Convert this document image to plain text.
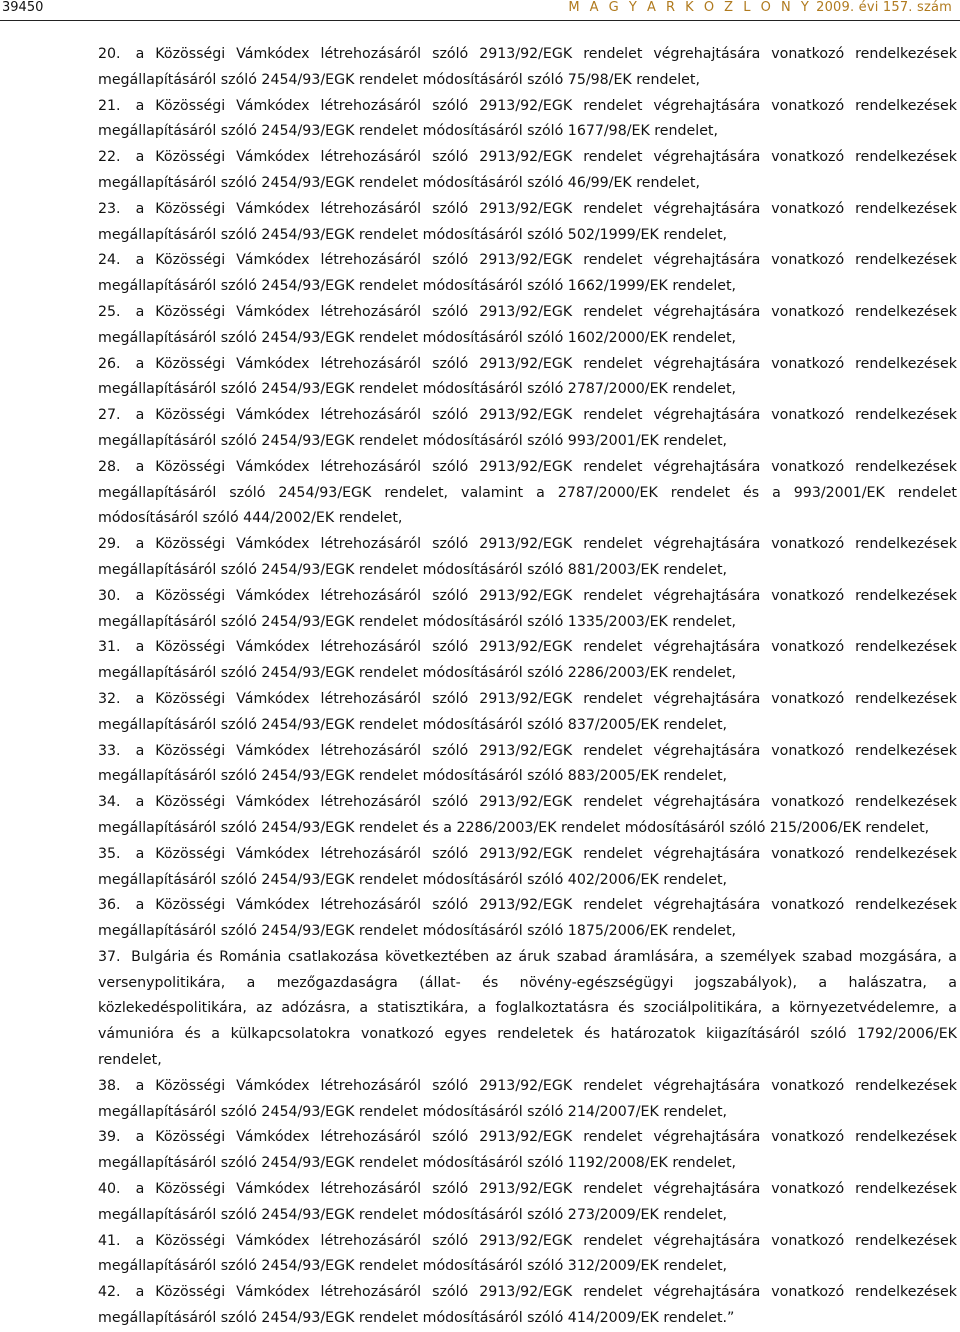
39450	M A G Y A R K Ö Z L Ö N Y 2009. évi 157. szám

20. a Közösségi Vámkódex létrehozásáról szóló 2913/92/EGK rendelet végrehajtására vonatkozó rendelkezések megállapításáról szóló 2454/93/EGK rendelet módosításáról szóló 75/98/EK rendelet,

21. a Közösségi Vámkódex létrehozásáról szóló 2913/92/EGK rendelet végrehajtására vonatkozó rendelkezések megállapításáról szóló 2454/93/EGK rendelet módosításáról szóló 1677/98/EK rendelet,

22. a Közösségi Vámkódex létrehozásáról szóló 2913/92/EGK rendelet végrehajtására vonatkozó rendelkezések megállapításáról szóló 2454/93/EGK rendelet módosításáról szóló 46/99/EK rendelet,

23. a Közösségi Vámkódex létrehozásáról szóló 2913/92/EGK rendelet végrehajtására vonatkozó rendelkezések megállapításáról szóló 2454/93/EGK rendelet módosításáról szóló 502/1999/EK rendelet,

24. a Közösségi Vámkódex létrehozásáról szóló 2913/92/EGK rendelet végrehajtására vonatkozó rendelkezések megállapításáról szóló 2454/93/EGK rendelet módosításáról szóló 1662/1999/EK rendelet,

25. a Közösségi Vámkódex létrehozásáról szóló 2913/92/EGK rendelet végrehajtására vonatkozó rendelkezések megállapításáról szóló 2454/93/EGK rendelet módosításáról szóló 1602/2000/EK rendelet,

26. a Közösségi Vámkódex létrehozásáról szóló 2913/92/EGK rendelet végrehajtására vonatkozó rendelkezések megállapításáról szóló 2454/93/EGK rendelet módosításáról szóló 2787/2000/EK rendelet,

27. a Közösségi Vámkódex létrehozásáról szóló 2913/92/EGK rendelet végrehajtására vonatkozó rendelkezések megállapításáról szóló 2454/93/EGK rendelet módosításáról szóló 993/2001/EK rendelet,

28. a Közösségi Vámkódex létrehozásáról szóló 2913/92/EGK rendelet végrehajtására vonatkozó rendelkezések megállapításáról szóló 2454/93/EGK rendelet, valamint a 2787/2000/EK rendelet és a 993/2001/EK rendelet módosításáról szóló 444/2002/EK rendelet,

29. a Közösségi Vámkódex létrehozásáról szóló 2913/92/EGK rendelet végrehajtására vonatkozó rendelkezések megállapításáról szóló 2454/93/EGK rendelet módosításáról szóló 881/2003/EK rendelet,

30. a Közösségi Vámkódex létrehozásáról szóló 2913/92/EGK rendelet végrehajtására vonatkozó rendelkezések megállapításáról szóló 2454/93/EGK rendelet módosításáról szóló 1335/2003/EK rendelet,

31. a Közösségi Vámkódex létrehozásáról szóló 2913/92/EGK rendelet végrehajtására vonatkozó rendelkezések megállapításáról szóló 2454/93/EGK rendelet módosításáról szóló 2286/2003/EK rendelet,

32. a Közösségi Vámkódex létrehozásáról szóló 2913/92/EGK rendelet végrehajtására vonatkozó rendelkezések megállapításáról szóló 2454/93/EGK rendelet módosításáról szóló 837/2005/EK rendelet,

33. a Közösségi Vámkódex létrehozásáról szóló 2913/92/EGK rendelet végrehajtására vonatkozó rendelkezések megállapításáról szóló 2454/93/EGK rendelet módosításáról szóló 883/2005/EK rendelet,

34. a Közösségi Vámkódex létrehozásáról szóló 2913/92/EGK rendelet végrehajtására vonatkozó rendelkezések megállapításáról szóló 2454/93/EGK rendelet és a 2286/2003/EK rendelet módosításáról szóló 215/2006/EK rendelet,

35. a Közösségi Vámkódex létrehozásáról szóló 2913/92/EGK rendelet végrehajtására vonatkozó rendelkezések megállapításáról szóló 2454/93/EGK rendelet módosításáról szóló 402/2006/EK rendelet,

36. a Közösségi Vámkódex létrehozásáról szóló 2913/92/EGK rendelet végrehajtására vonatkozó rendelkezések megállapításáról szóló 2454/93/EGK rendelet módosításáról szóló 1875/2006/EK rendelet,

37. Bulgária és Románia csatlakozása következtében az áruk szabad áramlására, a személyek szabad mozgására, a versenypolitikára, a mezőgazdaságra (állat- és növény-egészségügyi jogszabályok), a halászatra, a közlekedéspolitikára, az adózásra, a statisztikára, a foglalkoztatásra és szociálpolitikára, a környezetvédelemre, a vámunióra és a külkapcsolatokra vonatkozó egyes rendeletek és határozatok kiigazításáról szóló 1792/2006/EK rendelet,

38. a Közösségi Vámkódex létrehozásáról szóló 2913/92/EGK rendelet végrehajtására vonatkozó rendelkezések megállapításáról szóló 2454/93/EGK rendelet módosításáról szóló 214/2007/EK rendelet,

39. a Közösségi Vámkódex létrehozásáról szóló 2913/92/EGK rendelet végrehajtására vonatkozó rendelkezések megállapításáról szóló 2454/93/EGK rendelet módosításáról szóló 1192/2008/EK rendelet,

40. a Közösségi Vámkódex létrehozásáról szóló 2913/92/EGK rendelet végrehajtására vonatkozó rendelkezések megállapításáról szóló 2454/93/EGK rendelet módosításáról szóló 273/2009/EK rendelet,

41. a Közösségi Vámkódex létrehozásáról szóló 2913/92/EGK rendelet végrehajtására vonatkozó rendelkezések megállapításáról szóló 2454/93/EGK rendelet módosításáról szóló 312/2009/EK rendelet,

42. a Közösségi Vámkódex létrehozásáról szóló 2913/92/EGK rendelet végrehajtására vonatkozó rendelkezések megállapításáról szóló 2454/93/EGK rendelet módosításáról szóló 414/2009/EK rendelet.”
